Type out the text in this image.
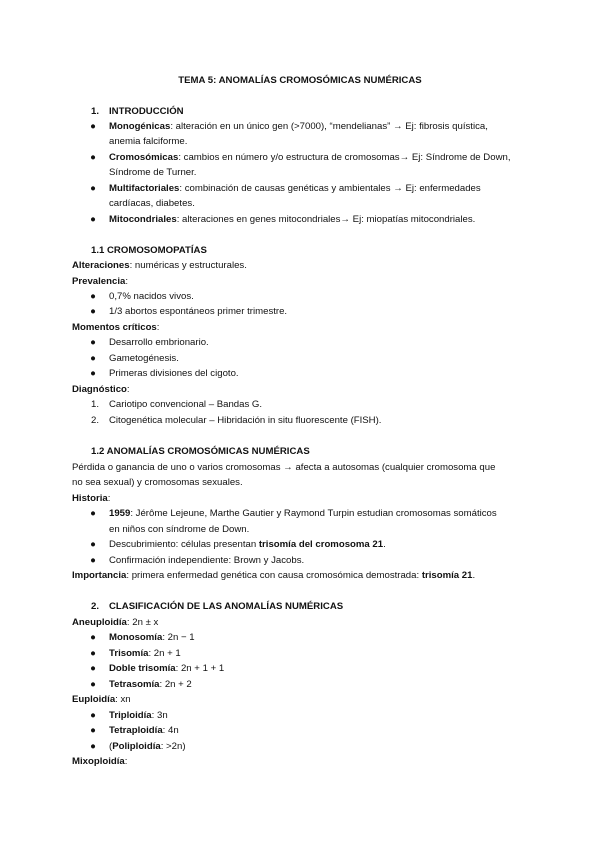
TEMA 5: ANOMALÍAS CROMOSÓMICAS NUMÉRICAS
1. INTRODUCCIÓN
● Monogénicas: alteración en un único gen (>7000), “mendelianas” → Ej: fibrosis quística,
anemia falciforme.
● Cromosómicas: cambios en número y/o estructura de cromosomas→ Ej: Síndrome de Down,
Síndrome de Turner.
● Multifactoriales: combinación de causas genéticas y ambientales → Ej: enfermedades
cardíacas, diabetes.
● Mitocondriales: alteraciones en genes mitocondriales→ Ej: miopatías mitocondriales.
1.1 CROMOSOMOPATÍAS
Alteraciones: numéricas y estructurales.
Prevalencia:
● 0,7% nacidos vivos.
● 1/3 abortos espontáneos primer trimestre.
Momentos críticos:
● Desarrollo embrionario.
● Gametogénesis.
● Primeras divisiones del cigoto.
Diagnóstico:
1. Cariotipo convencional – Bandas G.
2. Citogenética molecular – Hibridación in situ fluorescente (FISH).
1.2 ANOMALÍAS CROMOSÓMICAS NUMÉRICAS
Pérdida o ganancia de uno o varios cromosomas → afecta a autosomas (cualquier cromosoma que
no sea sexual) y cromosomas sexuales.
Historia:
● 1959: Jérôme Lejeune, Marthe Gautier y Raymond Turpin estudian cromosomas somáticos
en niños con síndrome de Down.
● Descubrimiento: células presentan trisomía del cromosoma 21.
● Confirmación independiente: Brown y Jacobs.
Importancia: primera enfermedad genética con causa cromosómica demostrada: trisomía 21.
2. CLASIFICACIÓN DE LAS ANOMALÍAS NUMÉRICAS
Aneuploidía: 2n ± x
● Monosomía: 2n − 1
● Trisomía: 2n + 1
● Doble trisomía: 2n + 1 + 1
● Tetrasomía: 2n + 2
Euploidía: xn
● Triploidía: 3n
● Tetraploidía: 4n
● (Poliploidía: >2n)
Mixoploidía:
